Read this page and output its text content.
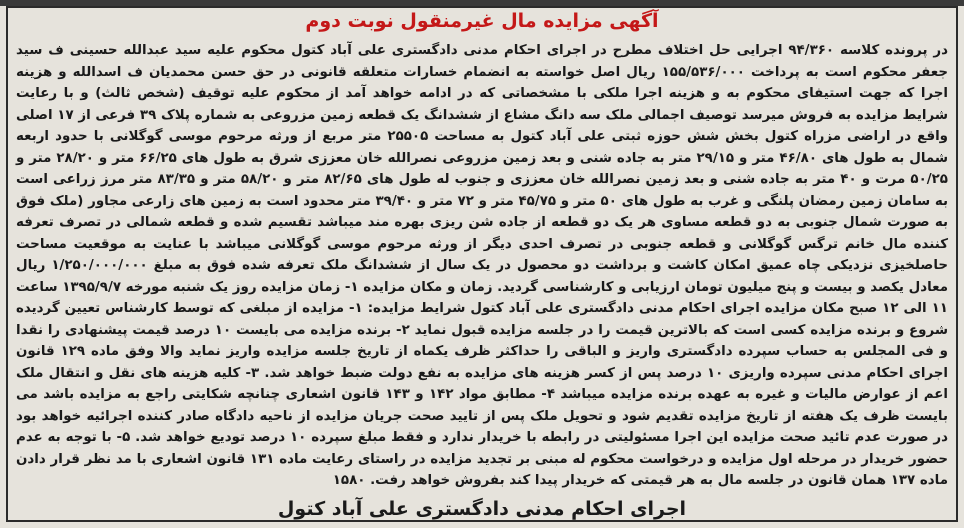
آگهی مزایده مال غیرمنقول نوبت دوم

در پرونده کلاسه ۹۴/۳۶۰ اجرایی حل اختلاف مطرح در اجرای احکام مدنی دادگستری علی آباد کتول محکوم علیه سید عبدالله حسینی ف سید جعفر محکوم است به پرداخت ۱۵۵/۵۳۶/۰۰۰ ریال اصل خواسته به انضمام خسارات متعلقه قانونی در حق حسن محمدیان ف اسدالله و هزینه اجرا که جهت استیفای محکوم به و هزینه اجرا ملکی با مشخصاتی که در ادامه خواهد آمد از محکوم علیه توقیف (شخص ثالث) و با رعایت شرایط مزایده به فروش میرسد توصیف اجمالی ملک سه دانگ مشاع از ششدانگ یک قطعه زمین مزروعی به شماره پلاک ۳۹ فرعی از ۱۷ اصلی واقع در اراضی مزراه کتول بخش شش حوزه ثبتی علی آباد کتول به مساحت ۲۵۵۰۵ متر مربع از ورثه مرحوم موسی گوگلانی با حدود اربعه شمال به طول های ۴۶/۸۰ متر و ۲۹/۱۵ متر به جاده شنی و بعد زمین مزروعی نصرالله خان معززی شرق به طول های ۶۶/۲۵ متر و ۲۸/۲۰ متر و ۵۰/۲۵ مرت و ۴۰ متر به جاده شنی و بعد زمین نصرالله خان معززی و جنوب له طول های ۸۲/۶۵ متر و ۵۸/۲۰ متر و ۸۳/۳۵ متر مرز زراعی است به سامان زمین رمضان پلنگی و غرب به طول های ۵۰ متر و ۴۵/۷۵ متر و ۷۲ متر و ۳۹/۴۰ متر محدود است به زمین های زارعی مجاور (ملک فوق به صورت شمال جنوبی به دو قطعه مساوی هر یک دو قطعه از جاده شن ریزی بهره مند میباشد تقسیم شده و قطعه شمالی در تصرف تعرفه کننده مال خانم ترگس گوگلانی و قطعه جنوبی در تصرف احدی دیگر از ورثه مرحوم موسی گوگلانی میباشد با عنایت به موقعیت مساحت حاصلخیزی نزدیکی چاه عمیق امکان کاشت و برداشت دو محصول در یک سال از ششدانگ ملک تعرفه شده فوق به مبلغ ۱/۲۵۰/۰۰۰/۰۰۰ ریال معادل یکصد و بیست و پنج میلیون تومان ارزیابی و کارشناسی گردید. زمان و مکان مزایده ۱- زمان مزایده روز یک شنبه مورخه ۱۳۹۵/۹/۷ ساعت ۱۱ الی ۱۲ صبح مکان مزایده اجرای احکام مدنی دادگستری علی آباد کتول شرایط مزایده: ۱- مزایده از مبلغی که توسط کارشناس تعیین گردیده شروع و برنده مزایده کسی است که بالاترین قیمت را در جلسه مزایده قبول نماید ۲- برنده مزایده می بایست ۱۰ درصد قیمت پیشنهادی را نقدا و فی المجلس به حساب سپرده دادگستری واریز و الباقی را حداکثر ظرف یکماه از تاریخ جلسه مزایده واریز نماید والا وفق ماده ۱۲۹ قانون اجرای احکام مدنی سپرده واریزی ۱۰ درصد پس از کسر هزینه های مزایده به نفع دولت ضبط خواهد شد. ۳- کلیه هزینه های نقل و انتقال ملک اعم از عوارض مالیات و غیره به عهده برنده مزایده میباشد ۴- مطابق مواد ۱۴۲ و ۱۴۳ قانون اشعاری چنانچه شکایتی راجع به مزایده باشد می بایست ظرف یک هفته از تاریخ مزایده تقدیم شود و تحویل ملک پس از تایید صحت جریان مزایده از ناحیه دادگاه صادر کننده اجرائیه خواهد بود در صورت عدم تائید صحت مزایده این اجرا مسئولیتی در رابطه با خریدار ندارد و فقط مبلغ سپرده ۱۰ درصد تودیع خواهد شد. ۵- با توجه به عدم حضور خریدار در مرحله اول مزایده و درخواست محکوم له مبنی بر تجدید مزایده در راستای رعایت ماده ۱۳۱ قانون اشعاری با مد نظر قرار دادن ماده ۱۳۷ همان قانون در جلسه مال به هر قیمتی که خریدار پیدا کند بفروش خواهد رفت. ۱۵۸۰

اجرای احکام مدنی دادگستری علی آباد کتول
